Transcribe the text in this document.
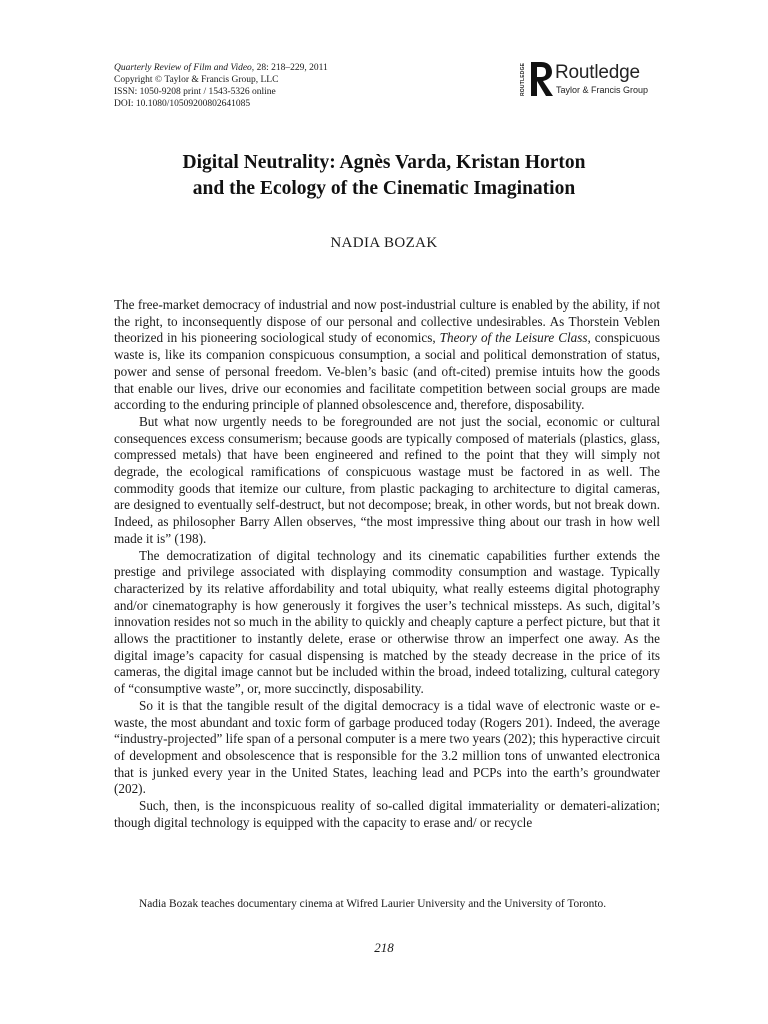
Quarterly Review of Film and Video, 28: 218–229, 2011
Copyright © Taylor & Francis Group, LLC
ISSN: 1050-9208 print / 1543-5326 online
DOI: 10.1080/10509200802641085
ROUTLEDGE Routledge
Taylor & Francis Group
Digital Neutrality: Agnès Varda, Kristan Horton
and the Ecology of the Cinematic Imagination
NADIA BOZAK

The free-market democracy of industrial and now post-industrial culture is enabled by the ability, if not the right, to inconsequently dispose of our personal and collective undesirables. As Thorstein Veblen theorized in his pioneering sociological study of economics, Theory of the Leisure Class, conspicuous waste is, like its companion conspicuous consumption, a social and political demonstration of status, power and sense of personal freedom. Ve-blen’s basic (and oft-cited) premise intuits how the goods that enable our lives, drive our economies and facilitate competition between social groups are made according to the enduring principle of planned obsolescence and, therefore, disposability.

But what now urgently needs to be foregrounded are not just the social, economic or cultural consequences excess consumerism; because goods are typically composed of materials (plastics, glass, compressed metals) that have been engineered and refined to the point that they will simply not degrade, the ecological ramifications of conspicuous wastage must be factored in as well. The commodity goods that itemize our culture, from plastic packaging to architecture to digital cameras, are designed to eventually self-destruct, but not decompose; break, in other words, but not break down. Indeed, as philosopher Barry Allen observes, “the most impressive thing about our trash in how well made it is” (198).

The democratization of digital technology and its cinematic capabilities further extends the prestige and privilege associated with displaying commodity consumption and wastage. Typically characterized by its relative affordability and total ubiquity, what really esteems digital photography and/or cinematography is how generously it forgives the user’s technical missteps. As such, digital’s innovation resides not so much in the ability to quickly and cheaply capture a perfect picture, but that it allows the practitioner to instantly delete, erase or otherwise throw an imperfect one away. As the digital image’s capacity for casual dispensing is matched by the steady decrease in the price of its cameras, the digital image cannot but be included within the broad, indeed totalizing, cultural category of “consumptive waste”, or, more succinctly, disposability.

So it is that the tangible result of the digital democracy is a tidal wave of electronic waste or e-waste, the most abundant and toxic form of garbage produced today (Rogers 201). Indeed, the average “industry-projected” life span of a personal computer is a mere two years (202); this hyperactive circuit of development and obsolescence that is responsible for the 3.2 million tons of unwanted electronica that is junked every year in the United States, leaching lead and PCPs into the earth’s groundwater (202).

Such, then, is the inconspicuous reality of so-called digital immateriality or demateri-alization; though digital technology is equipped with the capacity to erase and/ or recycle

Nadia Bozak teaches documentary cinema at Wifred Laurier University and the University of Toronto.
218
